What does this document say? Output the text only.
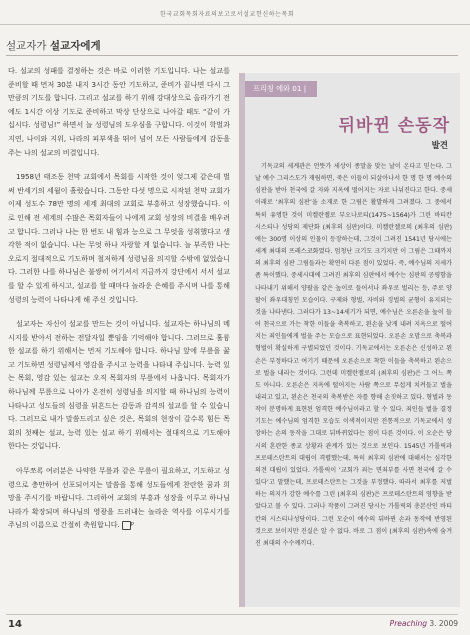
한국교회목회자료의보고로서설교헌신하는목회
설교자가 설교자에게

다. 설교의 성패를 결정하는 것은 바로 이러한 기도입니다. 나는 설교를 준비할 때 먼저 30분 내지 3시간 동안 기도하고, 준비가 끝나면 다시 그만큼의 기도를 합니다. 그리고 설교를 하기 위해 강대상으로 올라가기 전에도 1시간 이상 기도로 준비하고 막상 단상으로 나아갈 때도 “같이 가십시다. 성령님!” 하면서 늘 성령님의 도우심을 구합니다. 이것이 학벌과 지연, 나이와 지위, 나라의 피부색을 뛰어 넘어 모든 사람들에게 감동을 주는 나의 설교의 비결입니다.

1958년 태조동 천막 교회에서 목회를 시작한 것이 엊그제 같은데 벌써 반세기의 세월이 흘렀습니다. 그동안 다섯 명으로 시작된 천막 교회가 이제 성도수 78만 명의 세계 최대의 교회로 부흥하고 성장했습니다. 이로 인해 전 세계의 수많은 목회자들이 나에게 교회 성장의 비결을 배우려고 합니다. 그러나 나는 한 번도 내 힘과 능으로 그 무엇을 성취했다고 생각한 적이 없습니다. 나는 무엇 하나 자랑할 게 없습니다. 늘 부족한 나는 오로지 절대적으로 기도하며 철저하게 성령님을 의지할 수밖에 없었습니다. 그러한 나를 하나님은 불쌍히 여기셔서 지금까지 강단에서 서서 설교를 할 수 있게 하시고, 설교를 할 때마다 놀라운 은혜를 주시며 나를 통해 성령의 능력이 나타나게 해 주신 것입니다.

설교자는 자신이 설교를 만드는 것이 아닙니다. 설교자는 하나님의 메시지를 받아서 전하는 전달자일 뿐임을 기억해야 합니다. 그러므로 훌륭한 설교를 하기 위해서는 먼저 기도해야 합니다. 하나님 앞에 무릎을 꿇고 기도하면 성령님께서 영감을 주시고 능력을 나타내 주십니다. 능력 있는 목회, 영감 있는 설교는 오직 목회자의 무릎에서 나옵니다. 목회자가 하나님께 무릎으로 나아가 온전히 성령님을 의지할 때 하나님의 능력이 나타나고 성도들의 심령을 뒤흔드는 감동과 감격의 설교를 할 수 있습니다. 그러므로 내가 말씀드리고 싶은 것은, 목회의 현장이 갈수록 힘든 목회의 첫째는 설교, 능력 있는 설교 하기 위해서는 절대적으로 기도해야 한다는 것입니다.

아무쪼록 여러분은 나약한 무릎과 같은 무릎이 필요하고, 기도하고 성령으로 충만하여 선포되어지는 말씀을 통해 성도들에게 찬란한 꿈과 희망을 주시기를 바랍니다. 그리하여 교회의 부흥과 성장을 이루고 하나님 나라가 확장되며 하나님의 영광을 드러내는 놀라운 역사를 이루시기를 주님의 이름으로 간절히 축원합니다. P

프리칭 에와 01 |
뒤바뀐 손동작
발견

기독교의 세계관은 언뜻가 세상이 종말을 맞는 날이 온다고 믿는다. 그날 예수 그리스도가 재림하면, 죽은 이들이 되살아나서 한 명 한 명 예수의 심판을 받아 천국에 갈 자와 지옥에 떨어지는 자로 나뉘진다고 한다. 중세 이래로 ‘최후의 심판’을 소재로 한 그림은 활발하게 그려졌다. 그 중에서 특히 유명한 것이 미켈란젤로 부오나로티(1475~1564)가 그린 바티칸 시스티나 성당의 제단화 (최후의 심판)이다. 미켈란젤로의 (최후의 심판)에는 300명 이상의 인물이 등장하는데, 그것이 그려진 1541년 당시에는 세계 최대의 프레스코화였다. 엄청난 크기도 크기지만 이 그림은 그때까지의 최후의 심판 그림들과는 확연히 다른 점이 있었다. 즉, 예수님의 지세가 좀 특이했다. 중세시대에 그려진 최후의 심판에서 예수는 심판의 공평함을 나타내기 위해서 양팔을 같은 높이로 들어서나 좌우로 벌리는 등, 주로 양팔이 좌우대칭인 모습이다. 구제와 형벌, 자비와 징벌의 균형이 유지되는 것을 나타낸다. 그러다가 13~14세기가 되면, 예수님은 오른손을 높이 들어 천국으로 가는 착한 이들을 축복하고, 왼손을 낮게 내려 지옥으로 떨어지는 죄인들에게 벌을 주는 모습으로 표현되었다. 오른손 오맘으로 축복과 형벌이 확실하게 구별되었던 것이다. 기독교에서는 오른손은 신성하고 왼손은 부정하다고 여기기 때문에 오른손으로 착한 이들을 축복하고 왼손으로 벌을 내리는 것이다. 그런데 미켈란젤로의 (최후의 심판)은 그 어느 쪽도 아니다. 오른손은 지옥에 떨어지는 사람 쪽으로 무섭게 치켜들고 벌을 내리고 있고, 왼손은 천국의 축복받은 자를 향해 손짓하고 있다. 형벌과 동작이 분명하게 표현된 엄격한 예수님이라고 할 수 있다. 죄인들 벌을 결정 기도는 예수님의 엄격한 모습도 이색적이지만 전통적으로 기독교에서 성장하는 손의 동작을 그대로 뒤바뀌었다는 점이 다른 것이다. 이 오순은 당시의 혼란한 종교 상황과 관계가 있는 것으로 보인다. 1545년 가톨릭과 프로테스탄트의 대립이 격렬했는데, 특히 최후의 심판에 대해서는 심각한 의견 대립이 있었다. 가톨릭이 ‘교회가 죄는 면죄부를 사면 천국에 갈 수 있다’고 말했는데, 프로테스탄트는 그것을 부정했다. 따라서 최후를 저벌하는 의지가 강한 예수를 그린 (최후의 심판)은 프로테스탄트의 영향을 받았다고 볼 수 있다. 그러나 작품이 그려진 당시는 가톨릭의 총본산인 바티칸의 시스티나성당이다. 그런 모순이 예수의 뒤바뀐 손과 동작에 반영된 것으로 보이지만 진실은 알 수 없다. 바로 그 점이 (최후의 심판)속에 숨겨진 최대의 수수께끼다.

14	Preaching 3. 2009
